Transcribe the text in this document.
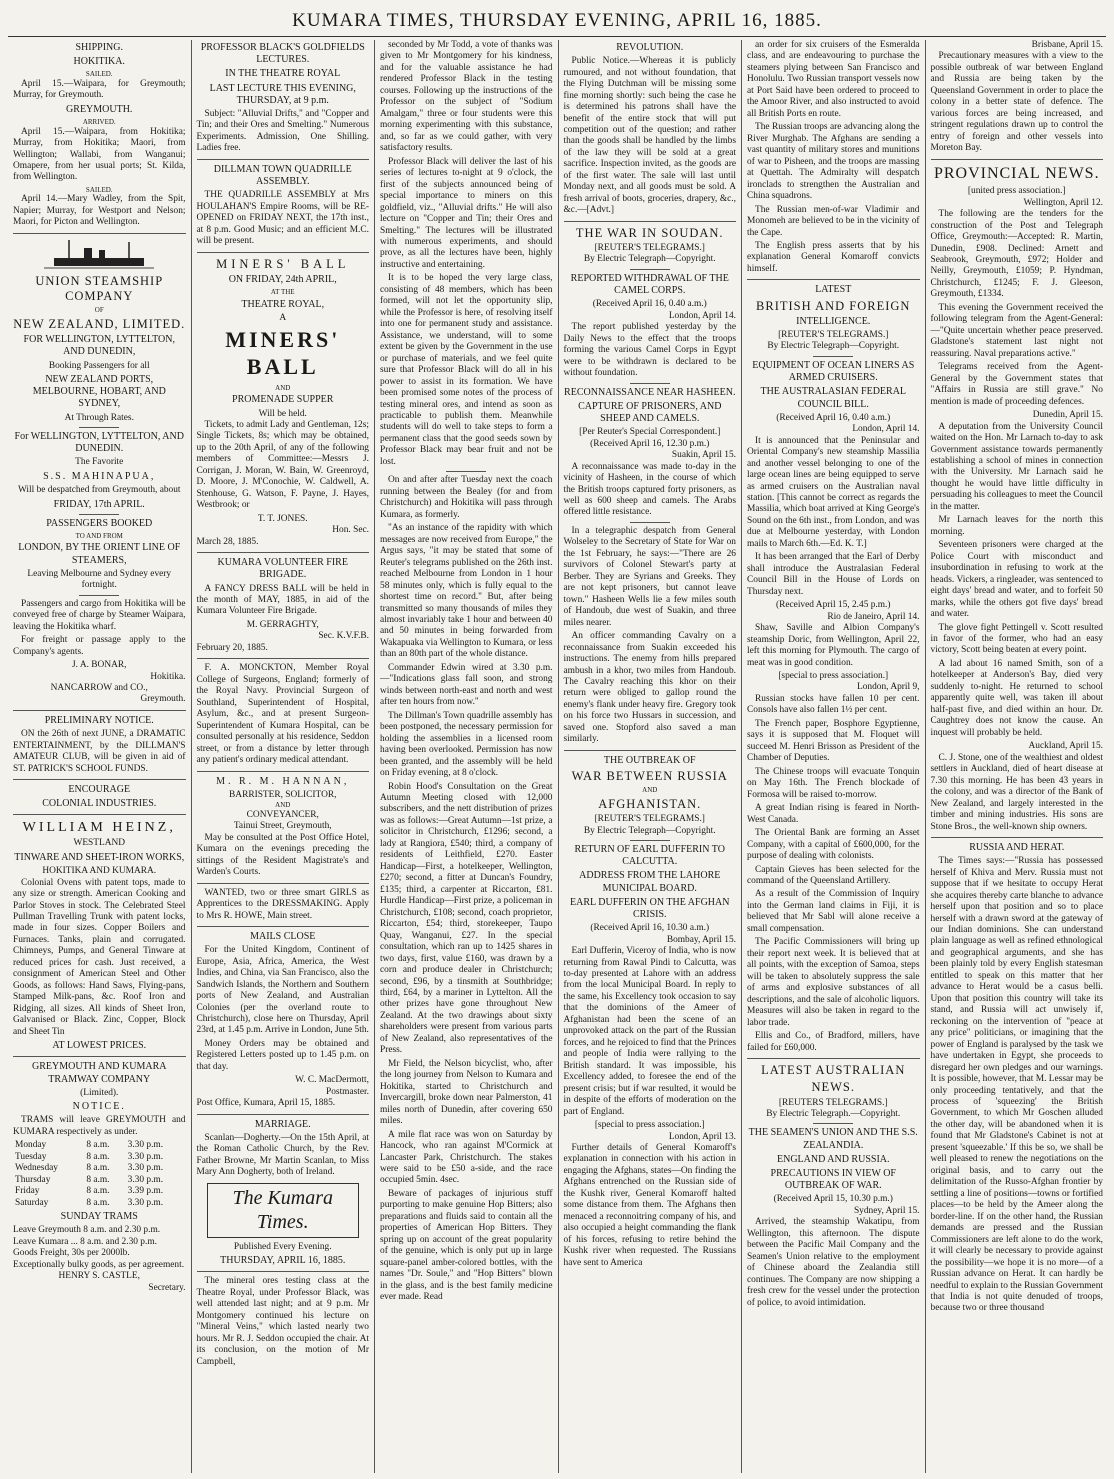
KUMARA TIMES, THURSDAY EVENING, APRIL 16, 1885.
SHIPPING.
HOKITIKA.
SAILED.

April 15.—Waipara, for Greymouth; Murray, for Greymouth.

GREYMOUTH.
ARRIVED.

April 15.—Waipara, from Hokitika; Murray, from Hokitika; Maori, from Wellington; Wallabi, from Wanganui; Omapere, from her usual ports; St. Kilda, from Wellington.

SAILED.

April 14.—Mary Wadley, from the Spit, Napier; Murray, for Westport and Nelson; Maori, for Picton and Wellington.

UNION STEAMSHIP COMPANY
OF
NEW ZEALAND, LIMITED.
FOR WELLINGTON, LYTTELTON, AND DUNEDIN,
Booking Passengers for all
NEW ZEALAND PORTS, MELBOURNE, HOBART, AND SYDNEY,
At Through Rates.
For WELLINGTON, LYTTELTON, AND DUNEDIN.
The Favorite
S.S. MAHINAPUA,
Will be despatched from Greymouth, about
FRIDAY, 17th APRIL.
PASSENGERS BOOKED
TO AND FROM
LONDON, BY THE ORIENT LINE OF STEAMERS,
Leaving Melbourne and Sydney every fortnight.

Passengers and cargo from Hokitika will be conveyed free of charge by Steamer Waipara, leaving the Hokitika wharf.

For freight or passage apply to the Company's agents.

J. A. BONAR,
Hokitika.
NANCARROW and CO.,
Greymouth.
PRELIMINARY NOTICE.

ON the 26th of next JUNE, a DRAMATIC ENTERTAINMENT, by the DILLMAN'S AMATEUR CLUB, will be given in aid of ST. PATRICK'S SCHOOL FUNDS.

ENCOURAGE
COLONIAL INDUSTRIES.
WILLIAM HEINZ,
WESTLAND
TINWARE AND SHEET-IRON WORKS,
HOKITIKA AND KUMARA.

Colonial Ovens with patent tops, made to any size or strength. American Cooking and Parlor Stoves in stock. The Celebrated Steel Pullman Travelling Trunk with patent locks, made in four sizes. Copper Boilers and Furnaces. Tanks, plain and corrugated. Chimneys, Pumps, and General Tinware at reduced prices for cash. Just received, a consignment of American Steel and Other Goods, as follows: Hand Saws, Flying-pans, Stamped Milk-pans, &c. Roof Iron and Ridging, all sizes. All kinds of Sheet Iron, Galvanised or Black. Zinc, Copper, Block and Sheet Tin

AT LOWEST PRICES.
GREYMOUTH AND KUMARA TRAMWAY COMPANY
(Limited).
NOTICE.

TRAMS will leave GREYMOUTH and KUMARA respectively as under.

Monday	8 a.m.	3.30 p.m.
Tuesday	8 a.m.	3.30 p.m.
Wednesday	8 a.m.	3.30 p.m.
Thursday	8 a.m.	3.30 p.m.
Friday	8 a.m.	3.39 p.m.
Saturday	8 a.m.	3.30 p.m.
SUNDAY TRAMS
Leave Greymouth 8 a.m. and 2.30 p.m.
Leave Kumara ... 8 a.m. and 2.30 p.m.
Goods Freight, 30s per 2000lb.
Exceptionally bulky goods, as per agreement.
HENRY S. CASTLE,
Secretary.
PROFESSOR BLACK'S GOLDFIELDS LECTURES.
IN THE THEATRE ROYAL
LAST LECTURE THIS EVENING, THURSDAY, at 9 p.m.

Subject: "Alluvial Drifts," and "Copper and Tin; and their Ores and Smelting." Numerous Experiments. Admission, One Shilling. Ladies free.

DILLMAN TOWN QUADRILLE ASSEMBLY.

THE QUADRILLE ASSEMBLY at Mrs HOULAHAN'S Empire Rooms, will be RE-OPENED on FRIDAY NEXT, the 17th inst., at 8 p.m. Good Music; and an efficient M.C. will be present.

MINERS' BALL
ON FRIDAY, 24th APRIL,
AT THE
THEATRE ROYAL,
A
MINERS' BALL
AND
PROMENADE SUPPER
Will be held.

Tickets, to admit Lady and Gentleman, 12s; Single Tickets, 8s; which may be obtained, up to the 20th April, of any of the following members of Committee:—Messrs J. Corrigan, J. Moran, W. Bain, W. Greenroyd, D. Moore, J. M'Conochie, W. Caldwell, A. Stenhouse, G. Watson, F. Payne, J. Hayes, Westbrook; or

T. T. JONES.
Hon. Sec.
March 28, 1885.
KUMARA VOLUNTEER FIRE BRIGADE.

A FANCY DRESS BALL will be held in the month of MAY, 1885, in aid of the Kumara Volunteer Fire Brigade.

M. GERRAGHTY,
Sec. K.V.F.B.
February 20, 1885.

F. A. MONCKTON, Member Royal College of Surgeons, England; formerly of the Royal Navy. Provincial Surgeon of Southland, Superintendent of Hospital, Asylum, &c., and at present Surgeon-Superintendent of Kumara Hospital, can be consulted personally at his residence, Seddon street, or from a distance by letter through any patient's ordinary medical attendant.

M. R. M. HANNAN,
BARRISTER, SOLICITOR,
AND
CONVEYANCER,
Tainui Street, Greymouth,

May be consulted at the Post Office Hotel, Kumara on the evenings preceding the sittings of the Resident Magistrate's and Warden's Courts.

WANTED, two or three smart GIRLS as Apprentices to the DRESSMAKING. Apply to Mrs R. HOWE, Main street.

MAILS CLOSE

For the United Kingdom, Continent of Europe, Asia, Africa, America, the West Indies, and China, via San Francisco, also the Sandwich Islands, the Northern and Southern ports of New Zealand, and Australian Colonies (per the overland route to Christchurch), close here on Thursday, April 23rd, at 1.45 p.m. Arrive in London, June 5th.

Money Orders may be obtained and Registered Letters posted up to 1.45 p.m. on that day.

W. C. MacDermott,
Postmaster.
Post Office, Kumara, April 15, 1885.
MARRIAGE.

Scanlan—Dogherty.—On the 15th April, at the Roman Catholic Church, by the Rev. Father Browne, Mr Martin Scanlan, to Miss Mary Ann Dogherty, both of Ireland.

The Kumara Times.
Published Every Evening.
THURSDAY, APRIL 16, 1885.

The mineral ores testing class at the Theatre Royal, under Professor Black, was well attended last night; and at 9 p.m. Mr Montgomery continued his lecture on "Mineral Veins," which lasted nearly two hours. Mr R. J. Seddon occupied the chair. At its conclusion, on the motion of Mr Campbell,

seconded by Mr Todd, a vote of thanks was given to Mr Montgomery for his kindness, and for the valuable assistance he had rendered Professor Black in the testing courses. Following up the instructions of the Professor on the subject of "Sodium Amalgam," three or four students were this morning experimenting with this substance, and, so far as we could gather, with very satisfactory results.

Professor Black will deliver the last of his series of lectures to-night at 9 o'clock, the first of the subjects announced being of special importance to miners on this goldfield, viz., "Alluvial drifts." He will also lecture on "Copper and Tin; their Ores and Smelting." The lectures will be illustrated with numerous experiments, and should prove, as all the lectures have been, highly instructive and entertaining.

It is to be hoped the very large class, consisting of 48 members, which has been formed, will not let the opportunity slip, while the Professor is here, of resolving itself into one for permanent study and assistance. Assistance, we understand, will to some extent be given by the Government in the use or purchase of materials, and we feel quite sure that Professor Black will do all in his power to assist in its formation. We have been promised some notes of the process of testing mineral ores, and intend as soon as practicable to publish them. Meanwhile students will do well to take steps to form a permanent class that the good seeds sown by Professor Black may bear fruit and not be lost.

On and after after Tuesday next the coach running between the Bealey (for and from Christchurch) and Hokitika will pass through Kumara, as formerly.

"As an instance of the rapidity with which messages are now received from Europe," the Argus says, "it may be stated that some of Reuter's telegrams published on the 26th inst. reached Melbourne from London in 1 hour 58 minutes only, which is fully equal to the shortest time on record." But, after being transmitted so many thousands of miles they almost invariably take 1 hour and between 40 and 50 minutes in being forwarded from Wakapuaka via Wellington to Kumara, or less than an 80th part of the whole distance.

Commander Edwin wired at 3.30 p.m.—"Indications glass fall soon, and strong winds between north-east and north and west after ten hours from now."

The Dillman's Town quadrille assembly has been postponed, the necessary permission for holding the assemblies in a licensed room having been overlooked. Permission has now been granted, and the assembly will be held on Friday evening, at 8 o'clock.

Robin Hood's Consultation on the Great Autumn Meeting closed with 12,000 subscribers, and the nett distribution of prizes was as follows:—Great Autumn—1st prize, a solicitor in Christchurch, £1296; second, a lady at Rangiora, £540; third, a company of residents of Leithfield, £270. Easter Handicap—First, a hotelkeeper, Wellington, £270; second, a fitter at Duncan's Foundry, £135; third, a carpenter at Riccarton, £81. Hurdle Handicap—First prize, a policeman in Christchurch, £108; second, coach proprietor, Riccarton, £54; third, storekeeper, Taupo Quay, Wanganui, £27. In the special consultation, which ran up to 1425 shares in two days, first, value £160, was drawn by a corn and produce dealer in Christchurch; second, £96, by a tinsmith at Southbridge; third, £64, by a mariner in Lyttelton. All the other prizes have gone throughout New Zealand. At the two drawings about sixty shareholders were present from various parts of New Zealand, also representatives of the Press.

Mr Field, the Nelson bicyclist, who, after the long journey from Nelson to Kumara and Hokitika, started to Christchurch and Invercargill, broke down near Palmerston, 41 miles north of Dunedin, after covering 650 miles.

A mile flat race was won on Saturday by Hancock, who ran against M'Cormick at Lancaster Park, Christchurch. The stakes were said to be £50 a-side, and the race occupied 5min. 4sec.

Beware of packages of injurious stuff purporting to make genuine Hop Bitters; also preparations and fluids said to contain all the properties of American Hop Bitters. They spring up on account of the great popularity of the genuine, which is only put up in large square-panel amber-colored bottles, with the names "Dr. Soule," and "Hop Bitters" blown in the glass, and is the best family medicine ever made. Read

REVOLUTION.

Public Notice.—Whereas it is publicly rumoured, and not without foundation, that the Flying Dutchman will be missing some fine morning shortly: such being the case he is determined his patrons shall have the benefit of the entire stock that will put competition out of the question; and rather than the goods shall be handled by the limbs of the law they will be sold at a great sacrifice. Inspection invited, as the goods are of the first water. The sale will last until Monday next, and all goods must be sold. A fresh arrival of boots, groceries, drapery, &c., &c.—[Advt.]

THE WAR IN SOUDAN.
[REUTER'S TELEGRAMS.]
By Electric Telegraph—Copyright.
REPORTED WITHDRAWAL OF THE CAMEL CORPS.
(Received April 16, 0.40 a.m.)
London, April 14.

The report published yesterday by the Daily News to the effect that the troops forming the various Camel Corps in Egypt were to be withdrawn is declared to be without foundation.

RECONNAISSANCE NEAR HASHEEN.
CAPTURE OF PRISONERS, AND SHEEP AND CAMELS.
[Per Reuter's Special Correspondent.]
(Received April 16, 12.30 p.m.)
Suakin, April 15.

A reconnaissance was made to-day in the vicinity of Hasheen, in the course of which the British troops captured forty prisoners, as well as 600 sheep and camels. The Arabs offered little resistance.

In a telegraphic despatch from General Wolseley to the Secretary of State for War on the 1st February, he says:—"There are 26 survivors of Colonel Stewart's party at Berber. They are Syrians and Greeks. They are not kept prisoners, but cannot leave town." Hasheen Wells lie a few miles south of Handoub, due west of Suakin, and three miles nearer.

An officer commanding Cavalry on a reconnaissance from Suakin exceeded his instructions. The enemy from hills prepared ambush in a khor, two miles from Handoub. The Cavalry reaching this khor on their return were obliged to gallop round the enemy's flank under heavy fire. Gregory took on his force two Hussars in succession, and saved one. Stopford also saved a man similarly.

THE OUTBREAK OF
WAR BETWEEN RUSSIA
AND
AFGHANISTAN.
[REUTER'S TELEGRAMS.]
By Electric Telegraph—Copyright.
RETURN OF EARL DUFFERIN TO CALCUTTA.
ADDRESS FROM THE LAHORE MUNICIPAL BOARD.
EARL DUFFERIN ON THE AFGHAN CRISIS.
(Received April 16, 10.30 a.m.)
Bombay, April 15.

Earl Dufferin, Viceroy of India, who is now returning from Rawal Pindi to Calcutta, was to-day presented at Lahore with an address from the local Municipal Board. In reply to the same, his Excellency took occasion to say that the dominions of the Ameer of Afghanistan had been the scene of an unprovoked attack on the part of the Russian forces, and he rejoiced to find that the Princes and people of India were rallying to the British standard. It was impossible, his Excellency added, to foresee the end of the present crisis; but if war resulted, it would be in despite of the efforts of moderation on the part of England.

[special to press association.]
London, April 13.

Further details of General Komaroff's explanation in connection with his action in engaging the Afghans, states—On finding the Afghans entrenched on the Russian side of the Kushk river, General Komaroff halted some distance from them. The Afghans then menaced a reconnoitring company of his, and also occupied a height commanding the flank of his forces, refusing to retire behind the Kushk river when requested. The Russians have sent to America

an order for six cruisers of the Esmeralda class, and are endeavouring to purchase the steamers plying between San Francisco and Honolulu. Two Russian transport vessels now at Port Said have been ordered to proceed to the Amoor River, and also instructed to avoid all British Ports en route.

The Russian troops are advancing along the River Murghab. The Afghans are sending a vast quantity of military stores and munitions of war to Pisheen, and the troops are massing at Quettah. The Admiralty will despatch ironclads to strengthen the Australian and China squadrons.

The Russian men-of-war Vladimir and Monomeh are believed to be in the vicinity of the Cape.

The English press asserts that by his explanation General Komaroff convicts himself.

LATEST
BRITISH AND FOREIGN
INTELLIGENCE.
[REUTER'S TELEGRAMS.]
By Electric Telegraph—Copyright.
EQUIPMENT OF OCEAN LINERS AS ARMED CRUISERS.
THE AUSTRALASIAN FEDERAL COUNCIL BILL.
(Received April 16, 0.40 a.m.)
London, April 14.

It is announced that the Peninsular and Oriental Company's new steamship Massilia and another vessel belonging to one of the large ocean lines are being equipped to serve as armed cruisers on the Australian naval station. [This cannot be correct as regards the Massilia, which boat arrived at King George's Sound on the 6th inst., from London, and was due at Melbourne yesterday, with London mails to March 6th.—Ed. K. T.]

It has been arranged that the Earl of Derby shall introduce the Australasian Federal Council Bill in the House of Lords on Thursday next.

(Received April 15, 2.45 p.m.)
Rio de Janeiro, April 14.

Shaw, Saville and Albion Company's steamship Doric, from Wellington, April 22, left this morning for Plymouth. The cargo of meat was in good condition.

[special to press association.]
London, April 9,

Russian stocks have fallen 10 per cent. Consols have also fallen 1½ per cent.

The French paper, Bosphore Egyptienne, says it is supposed that M. Floquet will succeed M. Henri Brisson as President of the Chamber of Deputies.

The Chinese troops will evacuate Tonquin on May 16th. The French blockade of Formosa will be raised to-morrow.

A great Indian rising is feared in North-West Canada.

The Oriental Bank are forming an Asset Company, with a capital of £600,000, for the purpose of dealing with colonists.

Captain Gieves has been selected for the command of the Queensland Artillery.

As a result of the Commission of Inquiry into the German land claims in Fiji, it is believed that Mr Sabl will alone receive a small compensation.

The Pacific Commissioners will bring up their report next week. It is believed that at all points, with the exception of Samoa, steps will be taken to absolutely suppress the sale of arms and explosive substances of all descriptions, and the sale of alcoholic liquors. Measures will also be taken in regard to the labor trade.

Ellis and Co., of Bradford, millers, have failed for £60,000.

LATEST AUSTRALIAN
NEWS.
[REUTERS TELEGRAMS.]
By Electric Telegraph.—Copyright.
THE SEAMEN'S UNION AND THE S.S. ZEALANDIA.
ENGLAND AND RUSSIA.
PRECAUTIONS IN VIEW OF OUTBREAK OF WAR.
(Received April 15, 10.30 p.m.)
Sydney, April 15.

Arrived, the steamship Wakatipu, from Wellington, this afternoon. The dispute between the Pacific Mail Company and the Seamen's Union relative to the employment of Chinese aboard the Zealandia still continues. The Company are now shipping a fresh crew for the vessel under the protection of police, to avoid intimidation.

Brisbane, April 15.

Precautionary measures with a view to the possible outbreak of war between England and Russia are being taken by the Queensland Government in order to place the colony in a better state of defence. The various forces are being increased, and stringent regulations drawn up to control the entry of foreign and other vessels into Moreton Bay.

PROVINCIAL NEWS.
[united press association.]
Wellington, April 12.

The following are the tenders for the construction of the Post and Telegraph Office, Greymouth:—Accepted: R. Martin, Dunedin, £908. Declined: Arnett and Seabrook, Greymouth, £972; Holder and Neilly, Greymouth, £1059; P. Hyndman, Christchurch, £1245; F. J. Gleeson, Greymouth, £1334.

This evening the Government received the following telegram from the Agent-General:—"Quite uncertain whether peace preserved. Gladstone's statement last night not reassuring. Naval preparations active."

Telegrams received from the Agent-General by the Government states that "Affairs in Russia are still grave." No mention is made of proceeding defences.

Dunedin, April 15.

A deputation from the University Council waited on the Hon. Mr Larnach to-day to ask Government assistance towards permanently establishing a school of mines in connection with the University. Mr Larnach said he thought he would have little difficulty in persuading his colleagues to meet the Council in the matter.

Mr Larnach leaves for the north this morning.

Seventeen prisoners were charged at the Police Court with misconduct and insubordination in refusing to work at the heads. Vickers, a ringleader, was sentenced to eight days' bread and water, and to forfeit 50 marks, while the others got five days' bread and water.

The glove fight Pettingell v. Scott resulted in favor of the former, who had an easy victory, Scott being beaten at every point.

A lad about 16 named Smith, son of a hotelkeeper at Anderson's Bay, died very suddenly to-night. He returned to school apparently quite well, was taken ill about half-past five, and died within an hour. Dr. Caughtrey does not know the cause. An inquest will probably be held.

Auckland, April 15.

C. J. Stone, one of the wealthiest and oldest settlers in Auckland, died of heart disease at 7.30 this morning. He has been 43 years in the colony, and was a director of the Bank of New Zealand, and largely interested in the timber and mining industries. His sons are Stone Bros., the well-known ship owners.

RUSSIA AND HERAT.

The Times says:—"Russia has possessed herself of Khiva and Merv. Russia must not suppose that if we hesitate to occupy Herat she acquires thereby carte blanche to advance herself upon that position and so to place herself with a drawn sword at the gateway of our Indian dominions. She can understand plain language as well as refined ethnological and geographical arguments, and she has been plainly told by every English statesman entitled to speak on this matter that her advance to Herat would be a casus belli. Upon that position this country will take its stand, and Russia will act unwisely if, reckoning on the intervention of "peace at any price" politicians, or imagining that the power of England is paralysed by the task we have undertaken in Egypt, she proceeds to disregard her own pledges and our warnings. It is possible, however, that M. Lessar may be only proceeding tentatively, and that the process of 'squeezing' the British Government, to which Mr Goschen alluded the other day, will be abandoned when it is found that Mr Gladstone's Cabinet is not at present 'squeezable.' If this be so, we shall be well pleased to renew the negotiations on the original basis, and to carry out the delimitation of the Russo-Afghan frontier by settling a line of positions—towns or fortified places—to be held by the Ameer along the border-line. If on the other hand, the Russian demands are pressed and the Russian Commissioners are left alone to do the work, it will clearly be necessary to provide against the possibility—we hope it is no more—of a Russian advance on Herat. It can hardly be needful to explain to the Russian Government that India is not quite denuded of troops, because two or three thousand
